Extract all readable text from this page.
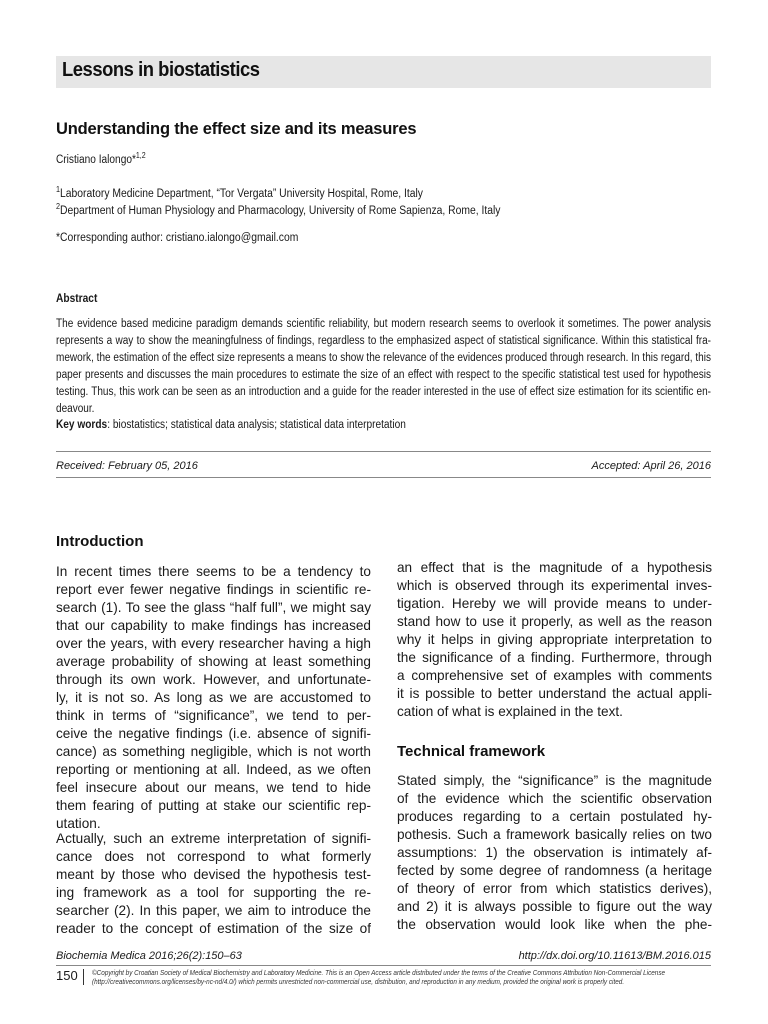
Lessons in biostatistics
Understanding the effect size and its measures
Cristiano Ialongo*$^{1,2}$
$^1$Laboratory Medicine Department, “Tor Vergata” University Hospital, Rome, Italy
$^2$Department of Human Physiology and Pharmacology, University of Rome Sapienza, Rome, Italy
*Corresponding author: cristiano.ialongo@gmail.com
Abstract
The evidence based medicine paradigm demands scientific reliability, but modern research seems to overlook it sometimes. The power analysis
represents a way to show the meaningfulness of findings, regardless to the emphasized aspect of statistical significance. Within this statistical fra-
mework, the estimation of the effect size represents a means to show the relevance of the evidences produced through research. In this regard, this
paper presents and discusses the main procedures to estimate the size of an effect with respect to the specific statistical test used for hypothesis
testing. Thus, this work can be seen as an introduction and a guide for the reader interested in the use of effect size estimation for its scientific en-
deavour.
Key words: biostatistics; statistical data analysis; statistical data interpretation
Received: February 05, 2016	Accepted: April 26, 2016
Introduction
In recent times there seems to be a tendency to
report ever fewer negative findings in scientific re-
search (1). To see the glass “half full”, we might say
that our capability to make findings has increased
over the years, with every researcher having a high
average probability of showing at least something
through its own work. However, and unfortunate-
ly, it is not so. As long as we are accustomed to
think in terms of “significance”, we tend to per-
ceive the negative findings (i.e. absence of signifi-
cance) as something negligible, which is not worth
reporting or mentioning at all. Indeed, as we often
feel insecure about our means, we tend to hide
them fearing of putting at stake our scientific rep-
utation.
Actually, such an extreme interpretation of signifi-
cance does not correspond to what formerly
meant by those who devised the hypothesis test-
ing framework as a tool for supporting the re-
searcher (2). In this paper, we aim to introduce the
reader to the concept of estimation of the size of
an effect that is the magnitude of a hypothesis
which is observed through its experimental inves-
tigation. Hereby we will provide means to under-
stand how to use it properly, as well as the reason
why it helps in giving appropriate interpretation to
the significance of a finding. Furthermore, through
a comprehensive set of examples with comments
it is possible to better understand the actual appli-
cation of what is explained in the text.
Technical framework
Stated simply, the “significance” is the magnitude
of the evidence which the scientific observation
produces regarding to a certain postulated hy-
pothesis. Such a framework basically relies on two
assumptions: 1) the observation is intimately af-
fected by some degree of randomness (a heritage
of theory of error from which statistics derives),
and 2) it is always possible to figure out the way
the observation would look like when the phe-
Biochemia Medica 2016;26(2):150–63	http://dx.doi.org/10.11613/BM.2016.015
150 ©Copyright by Croatian Society of Medical Biochemistry and Laboratory Medicine. This is an Open Access article distributed under the terms of the Creative Commons Attribution Non-Commercial License
(http://creativecommons.org/licenses/by-nc-nd/4.0/) which permits unrestricted non-commercial use, distribution, and reproduction in any medium, provided the original work is properly cited.
